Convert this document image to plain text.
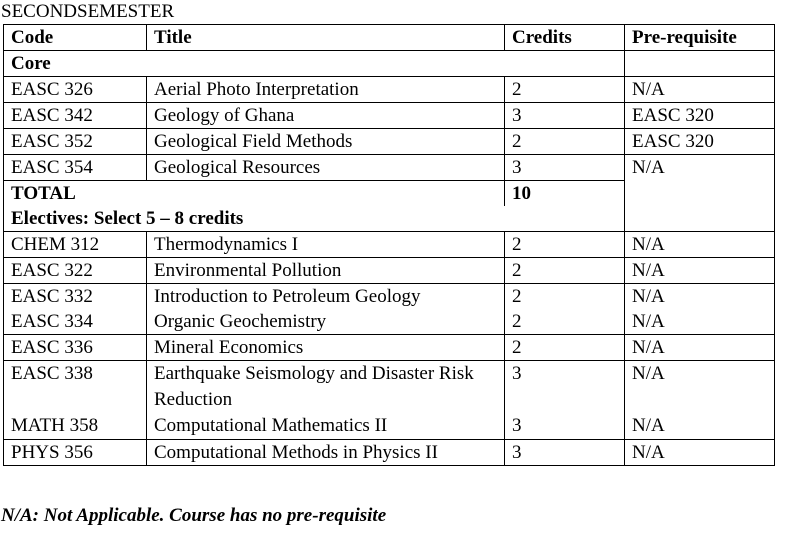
SECONDSEMESTER
Code	Title	Credits	Pre-requisite
Core			
EASC 326	Aerial Photo Interpretation	2	N/A
EASC 342	Geology of Ghana	3	EASC 320
EASC 352	Geological Field Methods	2	EASC 320
EASC 354	Geological Resources	3	N/A
TOTAL		10	
Electives: Select 5 – 8 credits			
CHEM 312	Thermodynamics I	2	N/A
EASC 322	Environmental Pollution	2	N/A
EASC 332	Introduction to Petroleum Geology	2	N/A
EASC 334	Organic Geochemistry	2	N/A
EASC 336	Mineral Economics	2	N/A
EASC 338	Earthquake Seismology and Disaster Risk Reduction	3	N/A
MATH 358	Computational Mathematics II	3	N/A
PHYS 356	Computational Methods in Physics II	3	N/A
N/A: Not Applicable. Course has no pre-requisite
